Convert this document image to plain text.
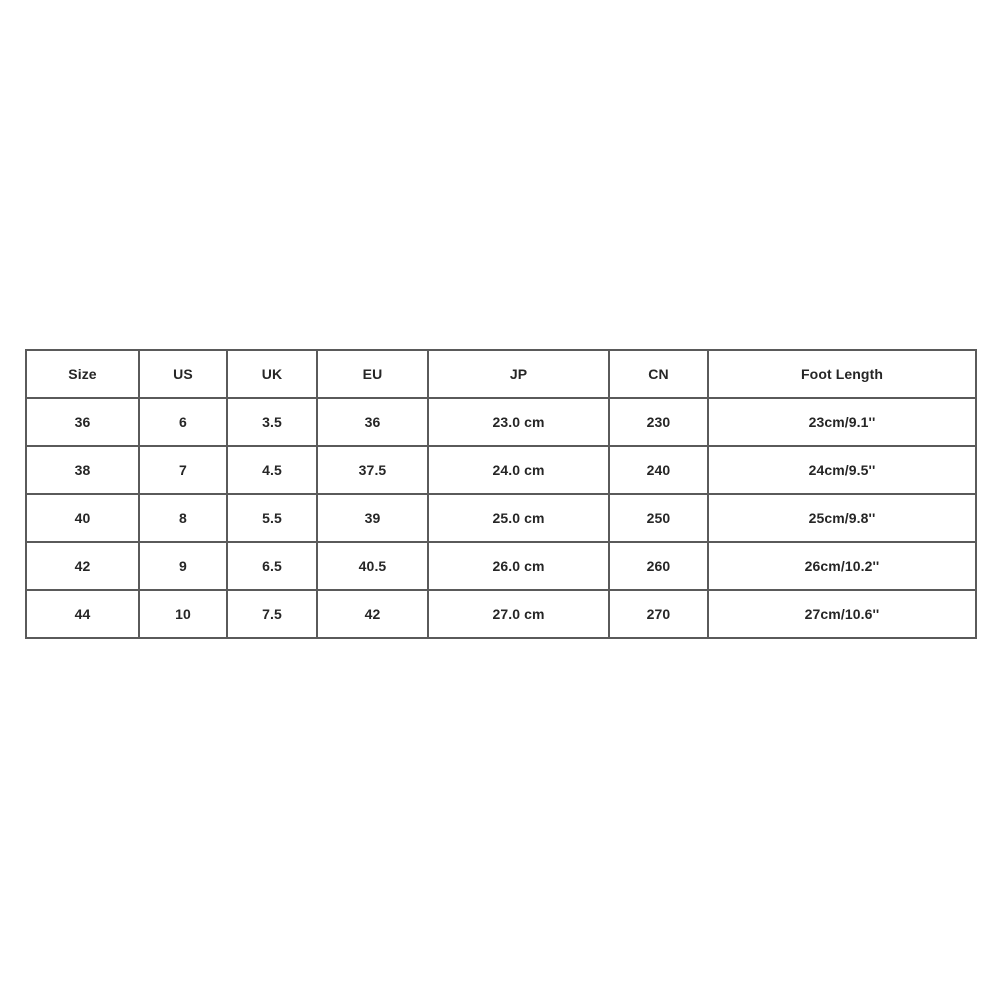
Size	US	UK	EU	JP	CN	Foot Length
36	6	3.5	36	23.0 cm	230	23cm/9.1''
38	7	4.5	37.5	24.0 cm	240	24cm/9.5''
40	8	5.5	39	25.0 cm	250	25cm/9.8''
42	9	6.5	40.5	26.0 cm	260	26cm/10.2''
44	10	7.5	42	27.0 cm	270	27cm/10.6''
